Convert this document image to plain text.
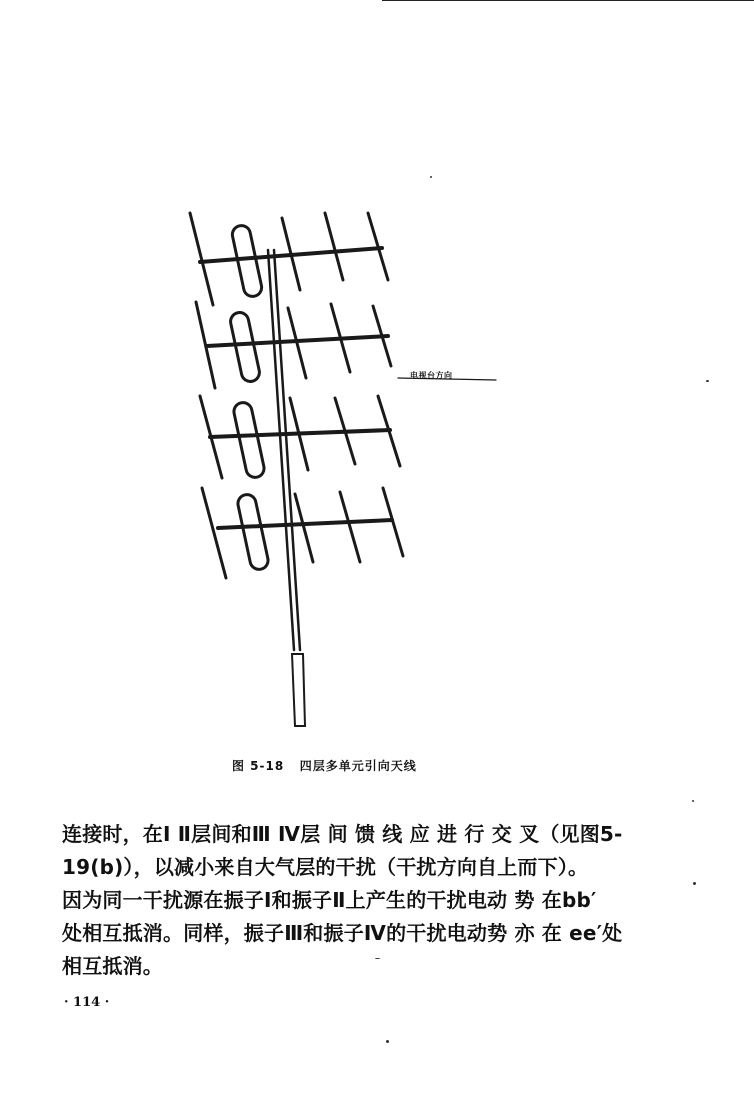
电视台方向
图 5-18   四层多单元引向天线

连接时，在Ⅰ Ⅱ层间和Ⅲ Ⅳ层 间 馈 线 应 进 行 交 叉（见图5-

19(b)），以减小来自大气层的干扰（干扰方向自上而下）。

因为同一干扰源在振子Ⅰ和振子Ⅱ上产生的干扰电动 势 在bb′

处相互抵消。同样，振子Ⅲ和振子Ⅳ的干扰电动势 亦 在 ee′处

相互抵消。

· 114 ·
